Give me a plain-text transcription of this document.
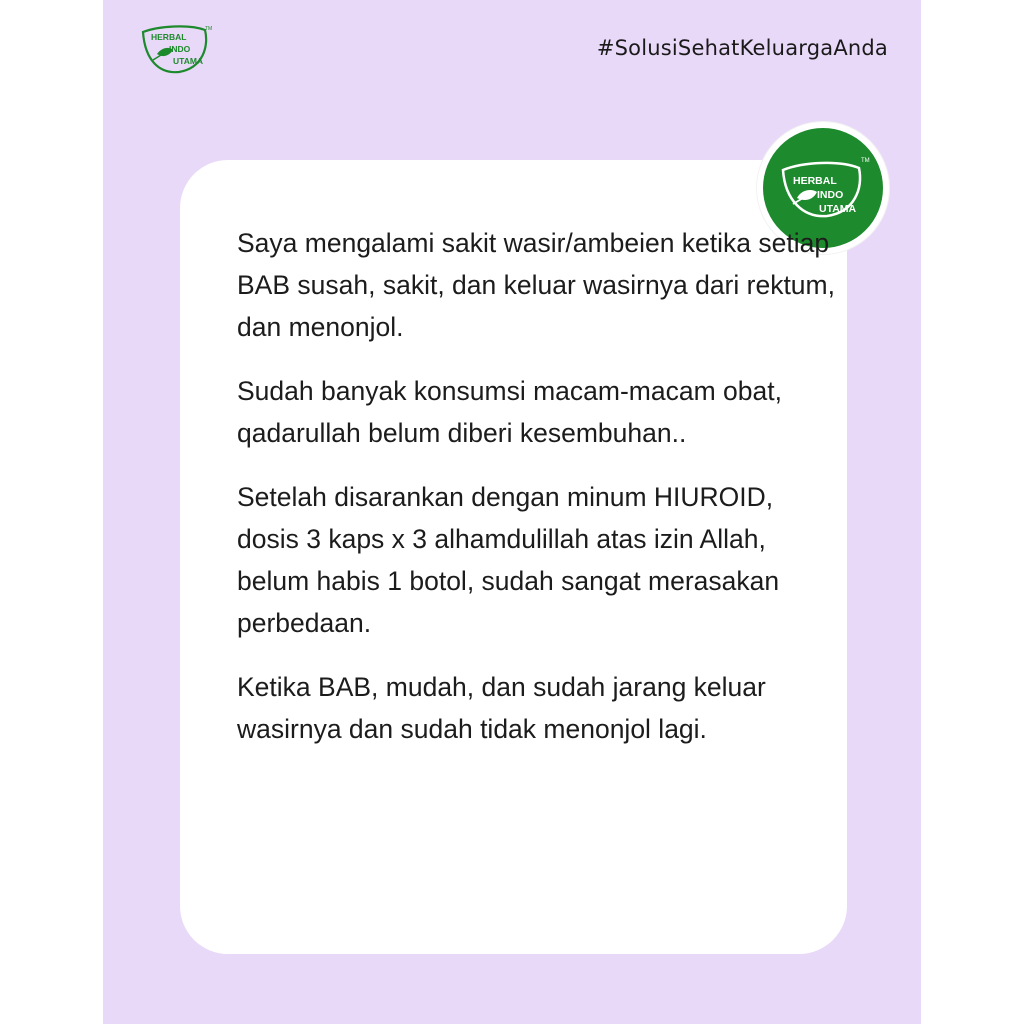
HERBAL
INDO
UTAMA
TM
#SolusiSehatKeluargaAnda
HERBAL
INDO
UTAMA
TM

Saya mengalami sakit wasir/ambeien ketika setiap BAB susah, sakit, dan keluar wasirnya dari rektum, dan menonjol.

Sudah banyak konsumsi macam-macam obat, qadarullah belum diberi kesembuhan..

Setelah disarankan dengan minum HIUROID, dosis 3 kaps x 3 alhamdulillah atas izin Allah, belum habis 1 botol, sudah sangat merasakan perbedaan.

Ketika BAB, mudah, dan sudah jarang keluar wasirnya dan sudah tidak menonjol lagi.
